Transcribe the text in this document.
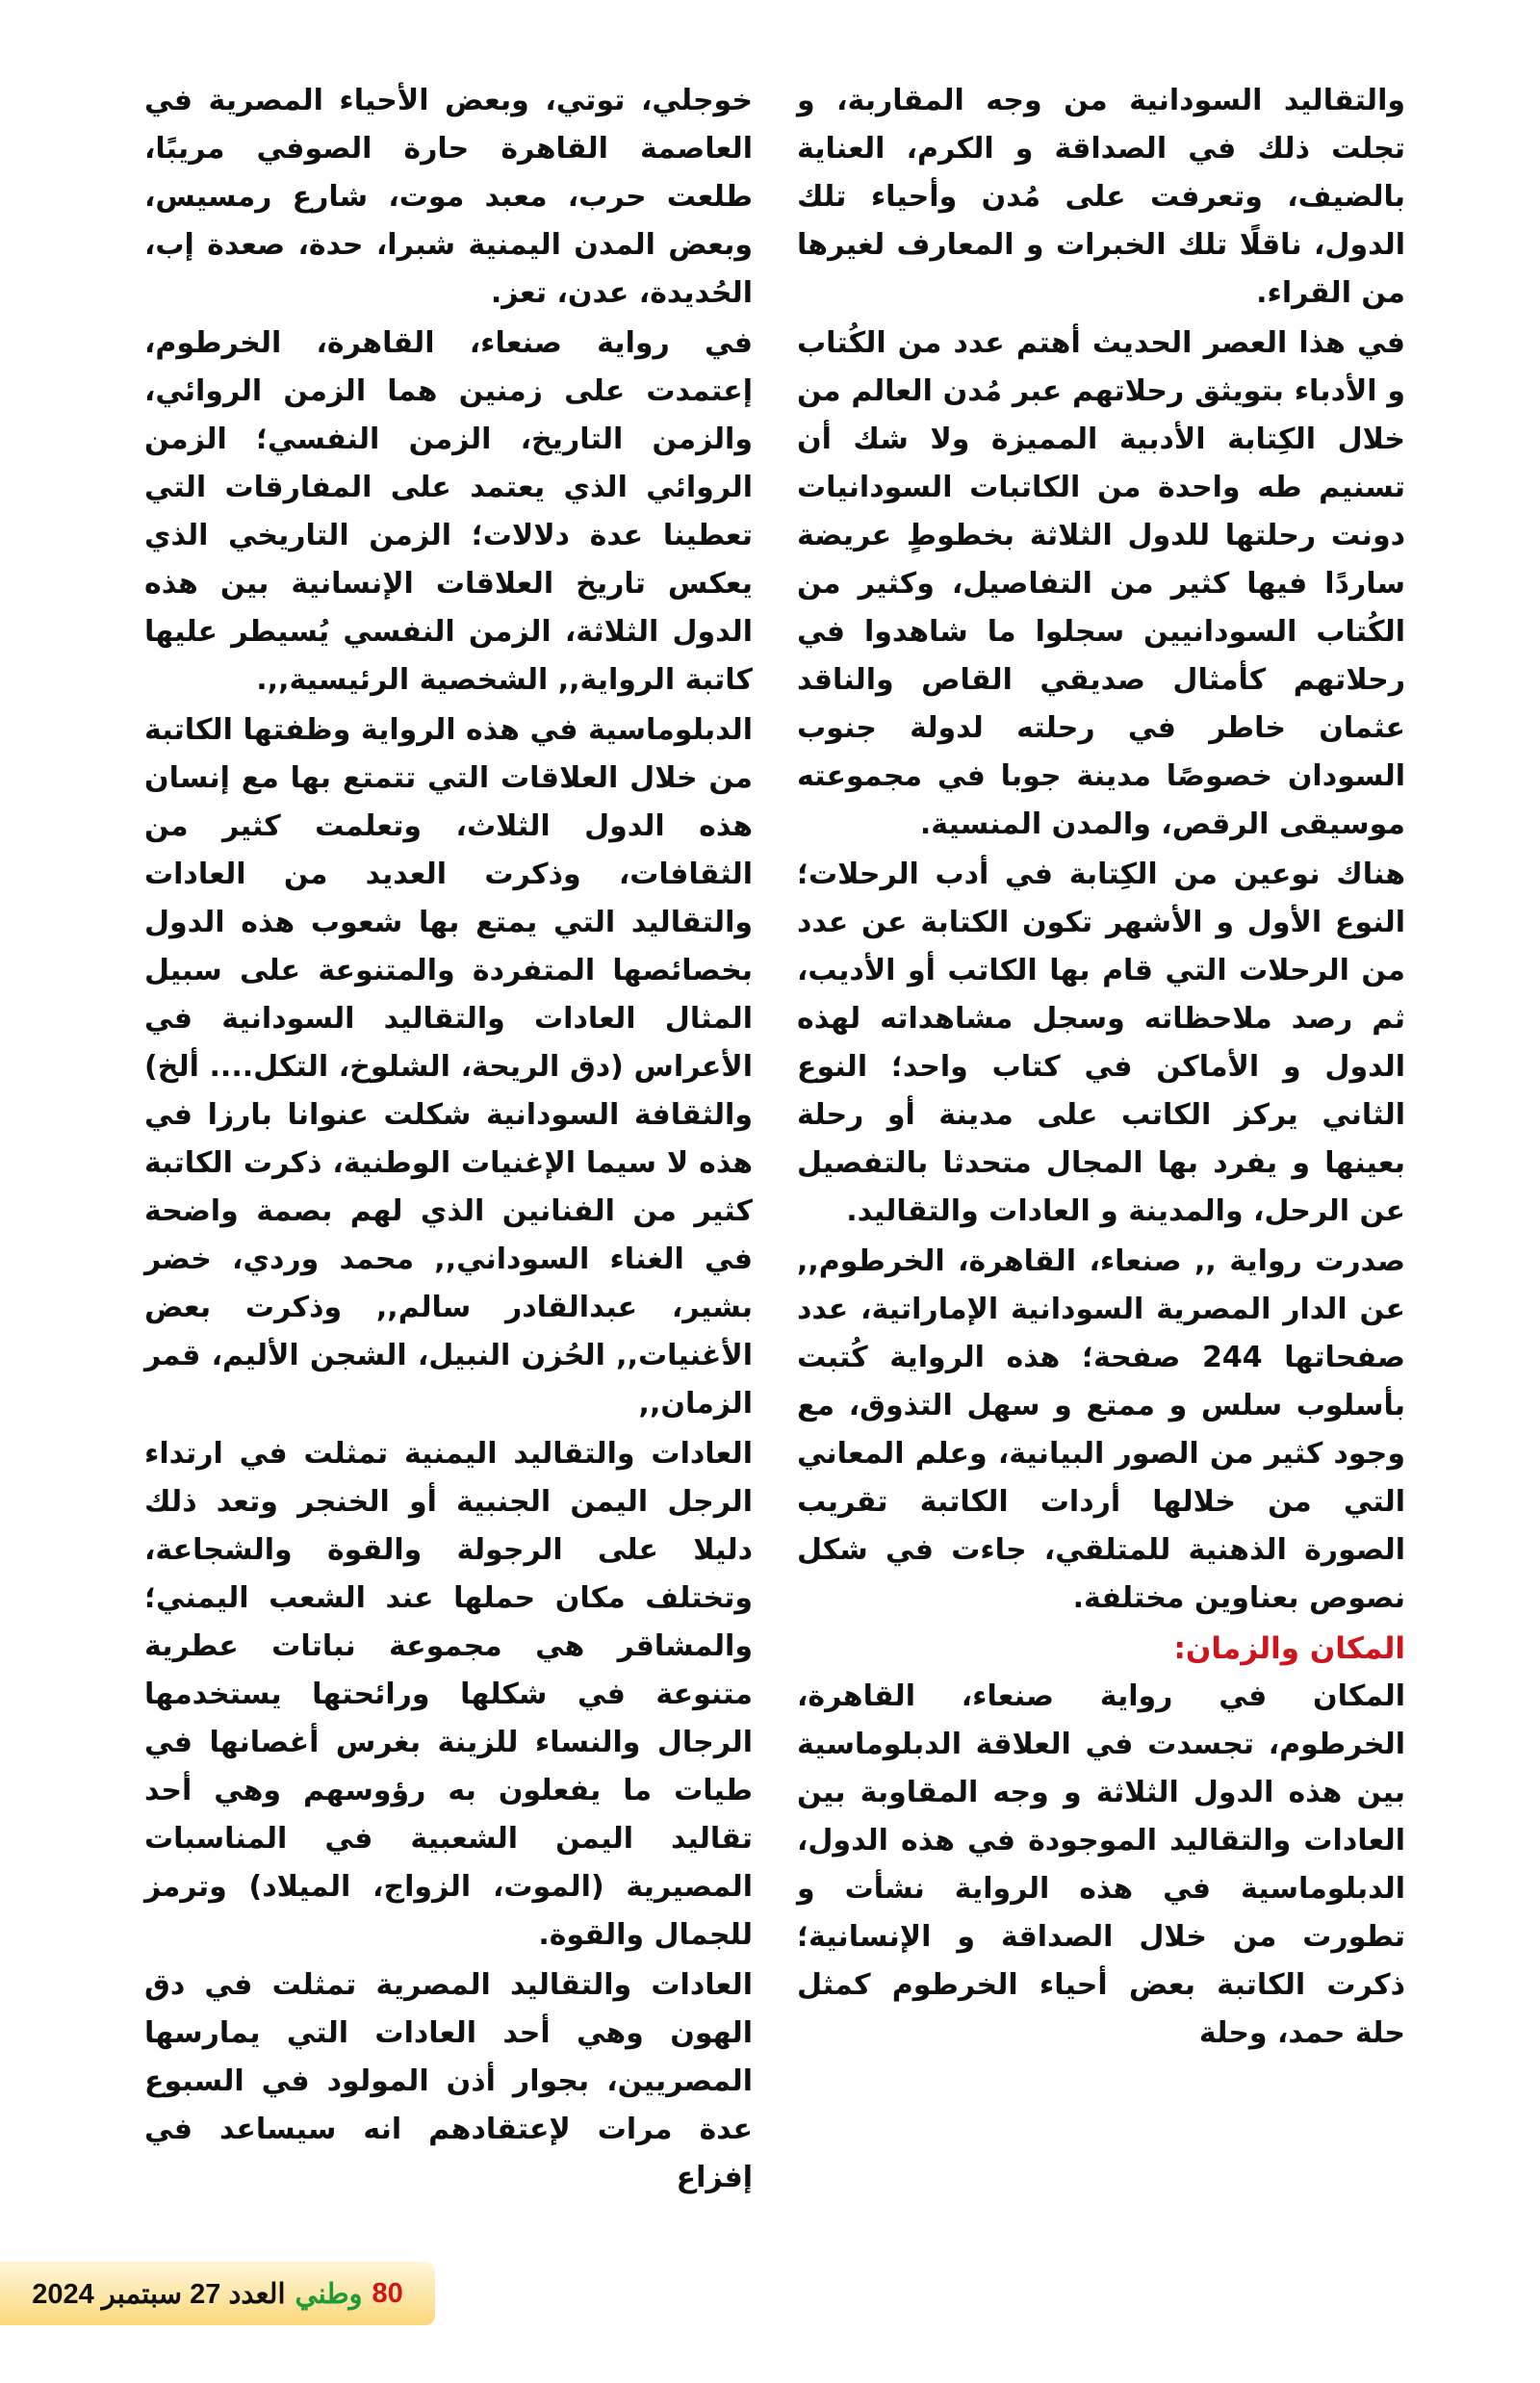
والتقاليد السودانية من وجه المقاربة، و تجلت ذلك في الصداقة و الكرم، العناية بالضيف، وتعرفت على مُدن وأحياء تلك الدول، ناقلًا تلك الخبرات و المعارف لغيرها من القراء.

في هذا العصر الحديث أهتم عدد من الكُتاب و الأدباء بتويثق رحلاتهم عبر مُدن العالم من خلال الكِتابة الأدبية المميزة ولا شك أن تسنيم طه واحدة من الكاتبات السودانيات دونت رحلتها للدول الثلاثة بخطوطٍ عريضة ساردًا فيها كثير من التفاصيل، وكثير من الكُتاب السودانيين سجلوا ما شاهدوا في رحلاتهم كأمثال صديقي القاص والناقد عثمان خاطر في رحلته لدولة جنوب السودان خصوصًا مدينة جوبا في مجموعته موسيقى الرقص، والمدن المنسية.

هناك نوعين من الكِتابة في أدب الرحلات؛ النوع الأول و الأشهر تكون الكتابة عن عدد من الرحلات التي قام بها الكاتب أو الأديب، ثم رصد ملاحظاته وسجل مشاهداته لهذه الدول و الأماكن في كتاب واحد؛ النوع الثاني يركز الكاتب على مدينة أو رحلة بعينها و يفرد بها المجال متحدثا بالتفصيل عن الرحل، والمدينة و العادات والتقاليد.

صدرت رواية ,, صنعاء، القاهرة، الخرطوم,, عن الدار المصرية السودانية الإماراتية، عدد صفحاتها 244 صفحة؛ هذه الرواية كُتبت بأسلوب سلس و ممتع و سهل التذوق، مع وجود كثير من الصور البيانية، وعلم المعاني التي من خلالها أردات الكاتبة تقريب الصورة الذهنية للمتلقي، جاءت في شكل نصوص بعناوين مختلفة.

المكان والزمان:

المكان في رواية صنعاء، القاهرة، الخرطوم، تجسدت في العلاقة الدبلوماسية بين هذه الدول الثلاثة و وجه المقاوبة بين العادات والتقاليد الموجودة في هذه الدول، الدبلوماسية في هذه الرواية نشأت و تطورت من خلال الصداقة و الإنسانية؛ ذكرت الكاتبة بعض أحياء الخرطوم كمثل حلة حمد، وحلة

خوجلي، توتي، وبعض الأحياء المصرية في العاصمة القاهرة حارة الصوفي مريبًا، طلعت حرب، معبد موت، شارع رمسيس، وبعض المدن اليمنية شبرا، حدة، صعدة إب، الحُديدة، عدن، تعز.

في رواية صنعاء، القاهرة، الخرطوم، إعتمدت على زمنين هما الزمن الروائي، والزمن التاريخ، الزمن النفسي؛ الزمن الروائي الذي يعتمد على المفارقات التي تعطينا عدة دلالات؛ الزمن التاريخي الذي يعكس تاريخ العلاقات الإنسانية بين هذه الدول الثلاثة، الزمن النفسي يُسيطر عليها كاتبة الرواية,, الشخصية الرئيسية,,.

الدبلوماسية في هذه الرواية وظفتها الكاتبة من خلال العلاقات التي تتمتع بها مع إنسان هذه الدول الثلاث، وتعلمت كثير من الثقافات، وذكرت العديد من العادات والتقاليد التي يمتع بها شعوب هذه الدول بخصائصها المتفردة والمتنوعة على سبيل المثال العادات والتقاليد السودانية في الأعراس (دق الريحة، الشلوخ، التكل.... ألخ) والثقافة السودانية شكلت عنوانا بارزا في هذه لا سيما الإغنيات الوطنية، ذكرت الكاتبة كثير من الفنانين الذي لهم بصمة واضحة في الغناء السوداني,, محمد وردي، خضر بشير، عبدالقادر سالم,, وذكرت بعض الأغنيات,, الحُزن النبيل، الشجن الأليم، قمر الزمان,,

العادات والتقاليد اليمنية تمثلت في ارتداء الرجل اليمن الجنبية أو الخنجر وتعد ذلك دليلا على الرجولة والقوة والشجاعة، وتختلف مكان حملها عند الشعب اليمني؛ والمشاقر هي مجموعة نباتات عطرية متنوعة في شكلها ورائحتها يستخدمها الرجال والنساء للزينة بغرس أغصانها في طيات ما يفعلون به رؤوسهم وهي أحد تقاليد اليمن الشعبية في المناسبات المصيرية (الموت، الزواج، الميلاد) وترمز للجمال والقوة.

العادات والتقاليد المصرية تمثلت في دق الهون وهي أحد العادات التي يمارسها المصريين، بجوار أذن المولود في السبوع عدة مرات لإعتقادهم انه سيساعد في إفزاع

80
وطني
العدد 27 سبتمبر 2024
